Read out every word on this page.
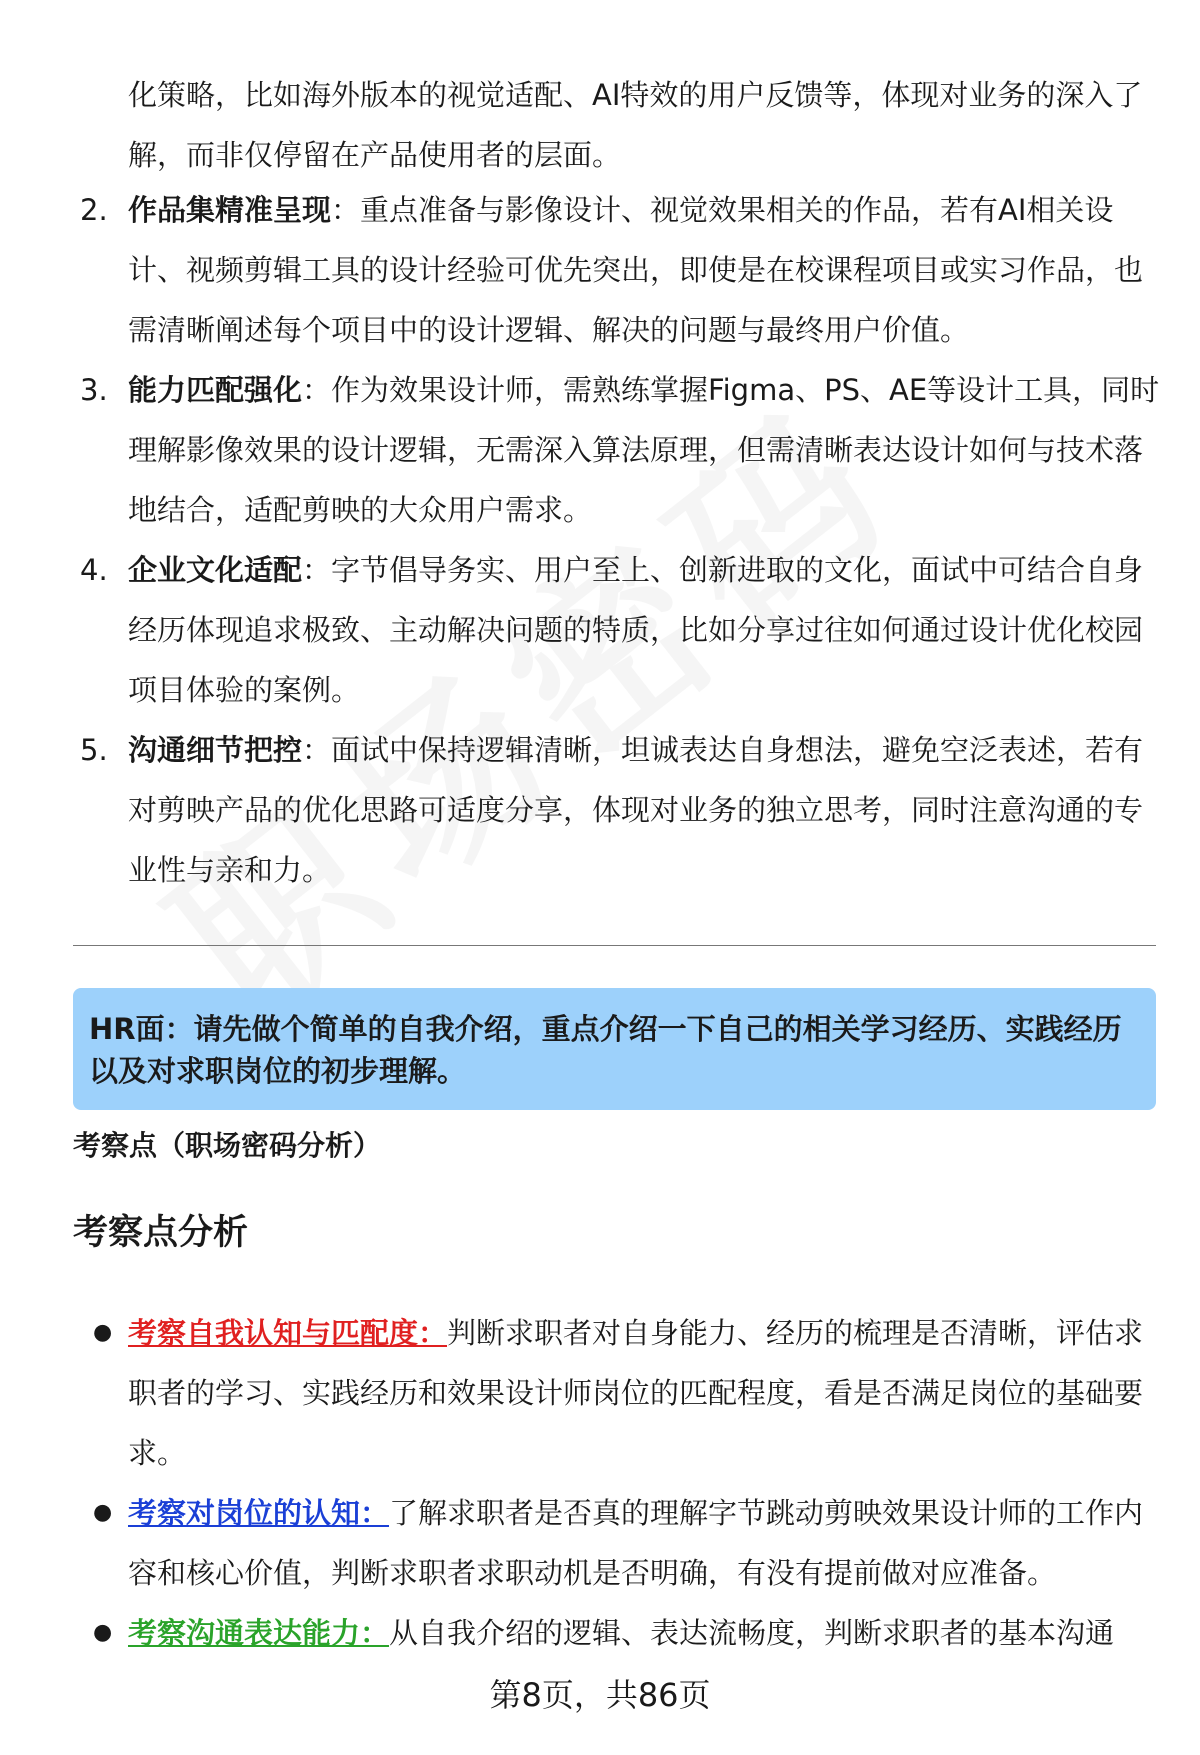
化策略，比如海外版本的视觉适配、AI特效的用户反馈等，体现对业务的深入了解，而非仅停留在产品使用者的层面。

2. 作品集精准呈现：重点准备与影像设计、视觉效果相关的作品，若有AI相关设计、视频剪辑工具的设计经验可优先突出，即使是在校课程项目或实习作品，也需清晰阐述每个项目中的设计逻辑、解决的问题与最终用户价值。
3. 能力匹配强化：作为效果设计师，需熟练掌握Figma、PS、AE等设计工具，同时理解影像效果的设计逻辑，无需深入算法原理，但需清晰表达设计如何与技术落地结合，适配剪映的大众用户需求。
4. 企业文化适配：字节倡导务实、用户至上、创新进取的文化，面试中可结合自身经历体现追求极致、主动解决问题的特质，比如分享过往如何通过设计优化校园项目体验的案例。
5. 沟通细节把控：面试中保持逻辑清晰，坦诚表达自身想法，避免空泛表述，若有对剪映产品的优化思路可适度分享，体现对业务的独立思考，同时注意沟通的专业性与亲和力。
HR面：请先做个简单的自我介绍，重点介绍一下自己的相关学习经历、实践经历以及对求职岗位的初步理解。

考察点（职场密码分析）

考察点分析
● 考察自我认知与匹配度：判断求职者对自身能力、经历的梳理是否清晰，评估求职者的学习、实践经历和效果设计师岗位的匹配程度，看是否满足岗位的基础要求。
● 考察对岗位的认知：了解求职者是否真的理解字节跳动剪映效果设计师的工作内容和核心价值，判断求职者求职动机是否明确，有没有提前做对应准备。
● 考察沟通表达能力：从自我介绍的逻辑、表达流畅度，判断求职者的基本沟通
第8页，共86页
